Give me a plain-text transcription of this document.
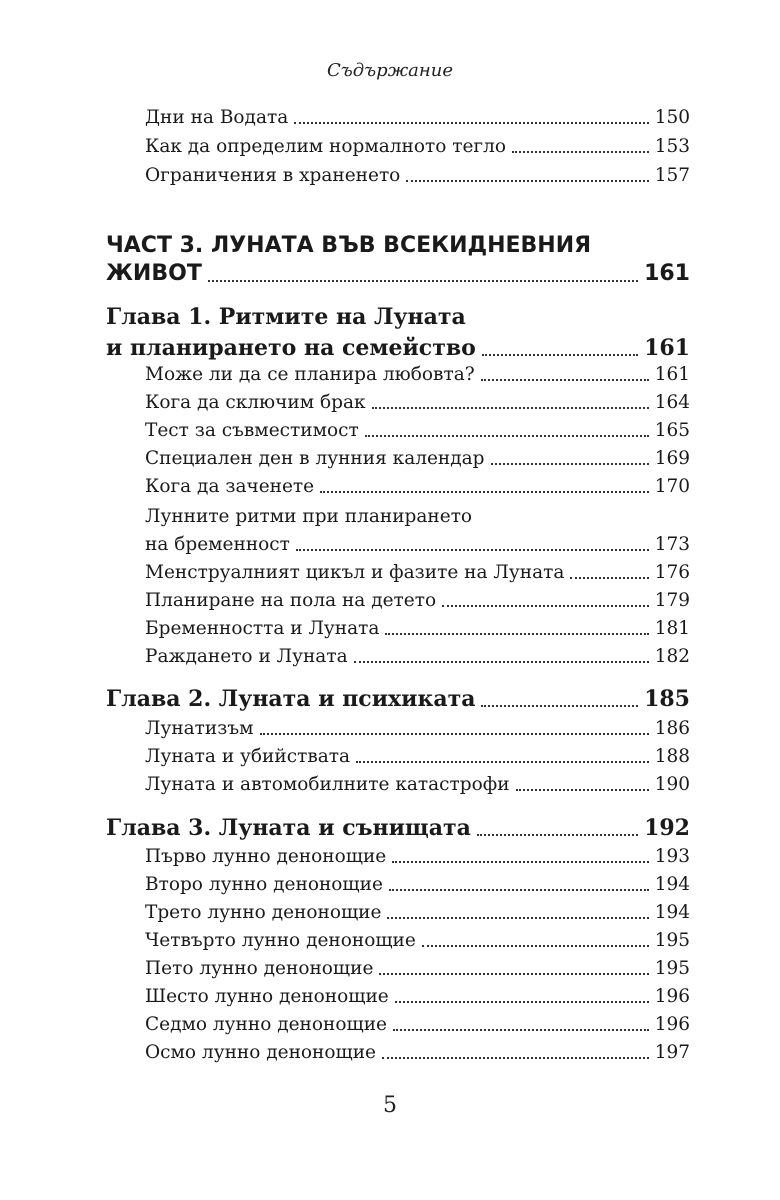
Съдържание
Дни на Водата	150
Как да определим нормалното тегло	153
Ограничения в храненето	157
ЧАСТ 3. ЛУНАТА ВЪВ ВСЕКИДНЕВНИЯ
ЖИВОТ	161
Глава 1. Ритмите на Луната
и планирането на семейство	161
Може ли да се планира любовта?	161
Кога да сключим брак	164
Тест за съвместимост	165
Специален ден в лунния календар	169
Кога да заченете	170
Лунните ритми при планирането
на бременност	173
Менструалният цикъл и фазите на Луната	176
Планиране на пола на детето	179
Бременността и Луната	181
Раждането и Луната	182
Глава 2. Луната и психиката	185
Лунатизъм	186
Луната и убийствата	188
Луната и автомобилните катастрофи	190
Глава 3. Луната и сънищата	192
Първо лунно денонощие	193
Второ лунно денонощие	194
Трето лунно денонощие	194
Четвърто лунно денонощие	195
Пето лунно денонощие	195
Шесто лунно денонощие	196
Седмо лунно денонощие	196
Осмо лунно денонощие	197
5
